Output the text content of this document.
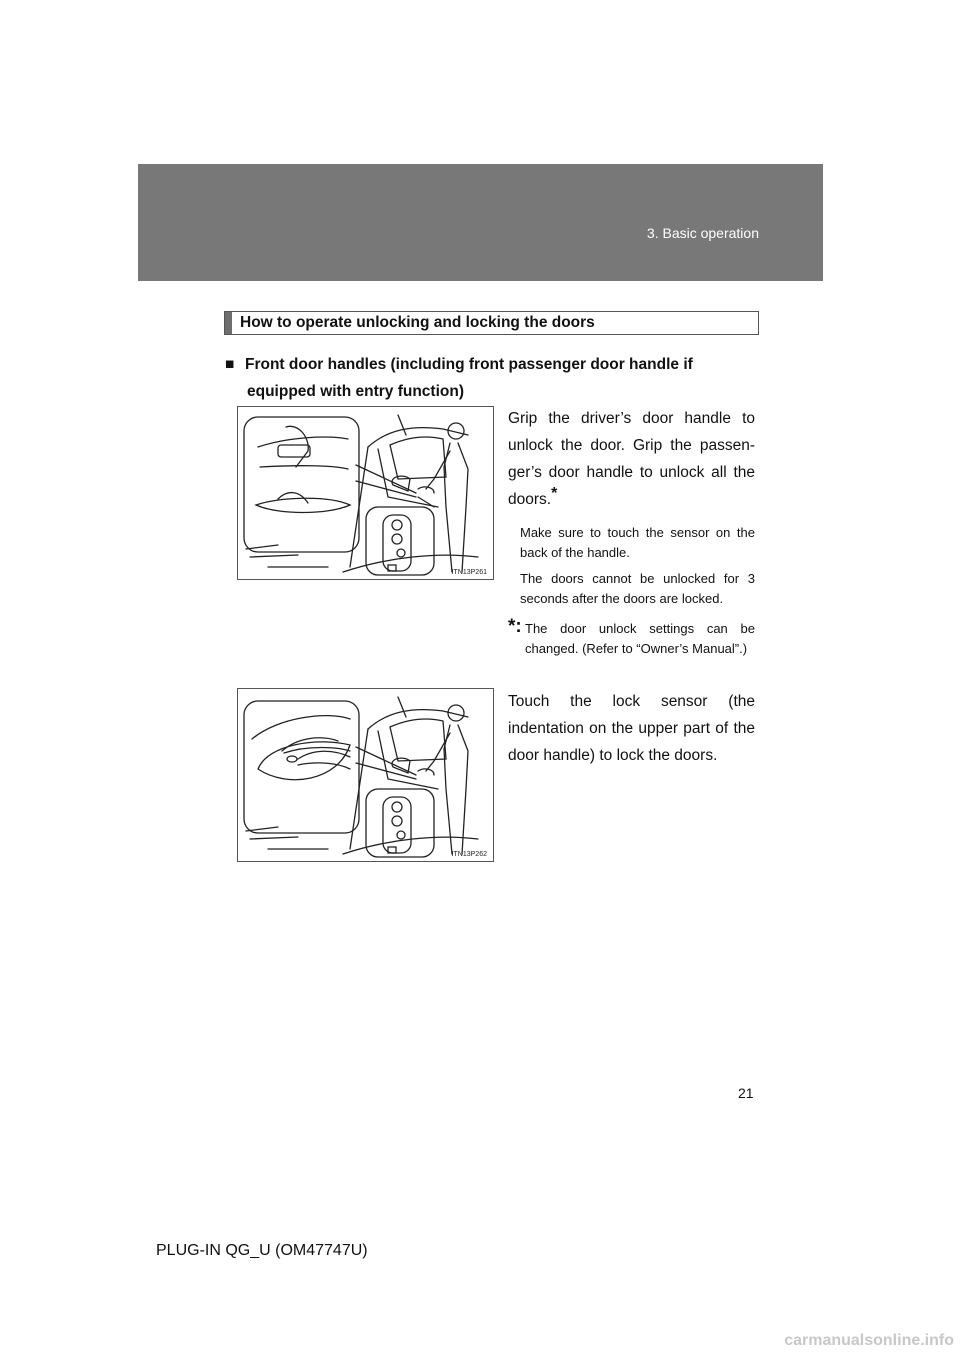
3. Basic operation
How to operate unlocking and locking the doors
■ Front door handles (including front passenger door handle if
equipped with entry function)
ITN13P261

Grip the driver’s door handle to unlock the door. Grip the passen-ger’s door handle to unlock all the doors.*

Make sure to touch the sensor on the back of the handle.

The doors cannot be unlocked for 3 seconds after the doors are locked.

*: The door unlock settings can be changed. (Refer to “Owner’s Manual”.)

ITN13P262

Touch the lock sensor (the indentation on the upper part of the door handle) to lock the doors.

21
PLUG-IN QG_U (OM47747U)
carmanualsonline.info
